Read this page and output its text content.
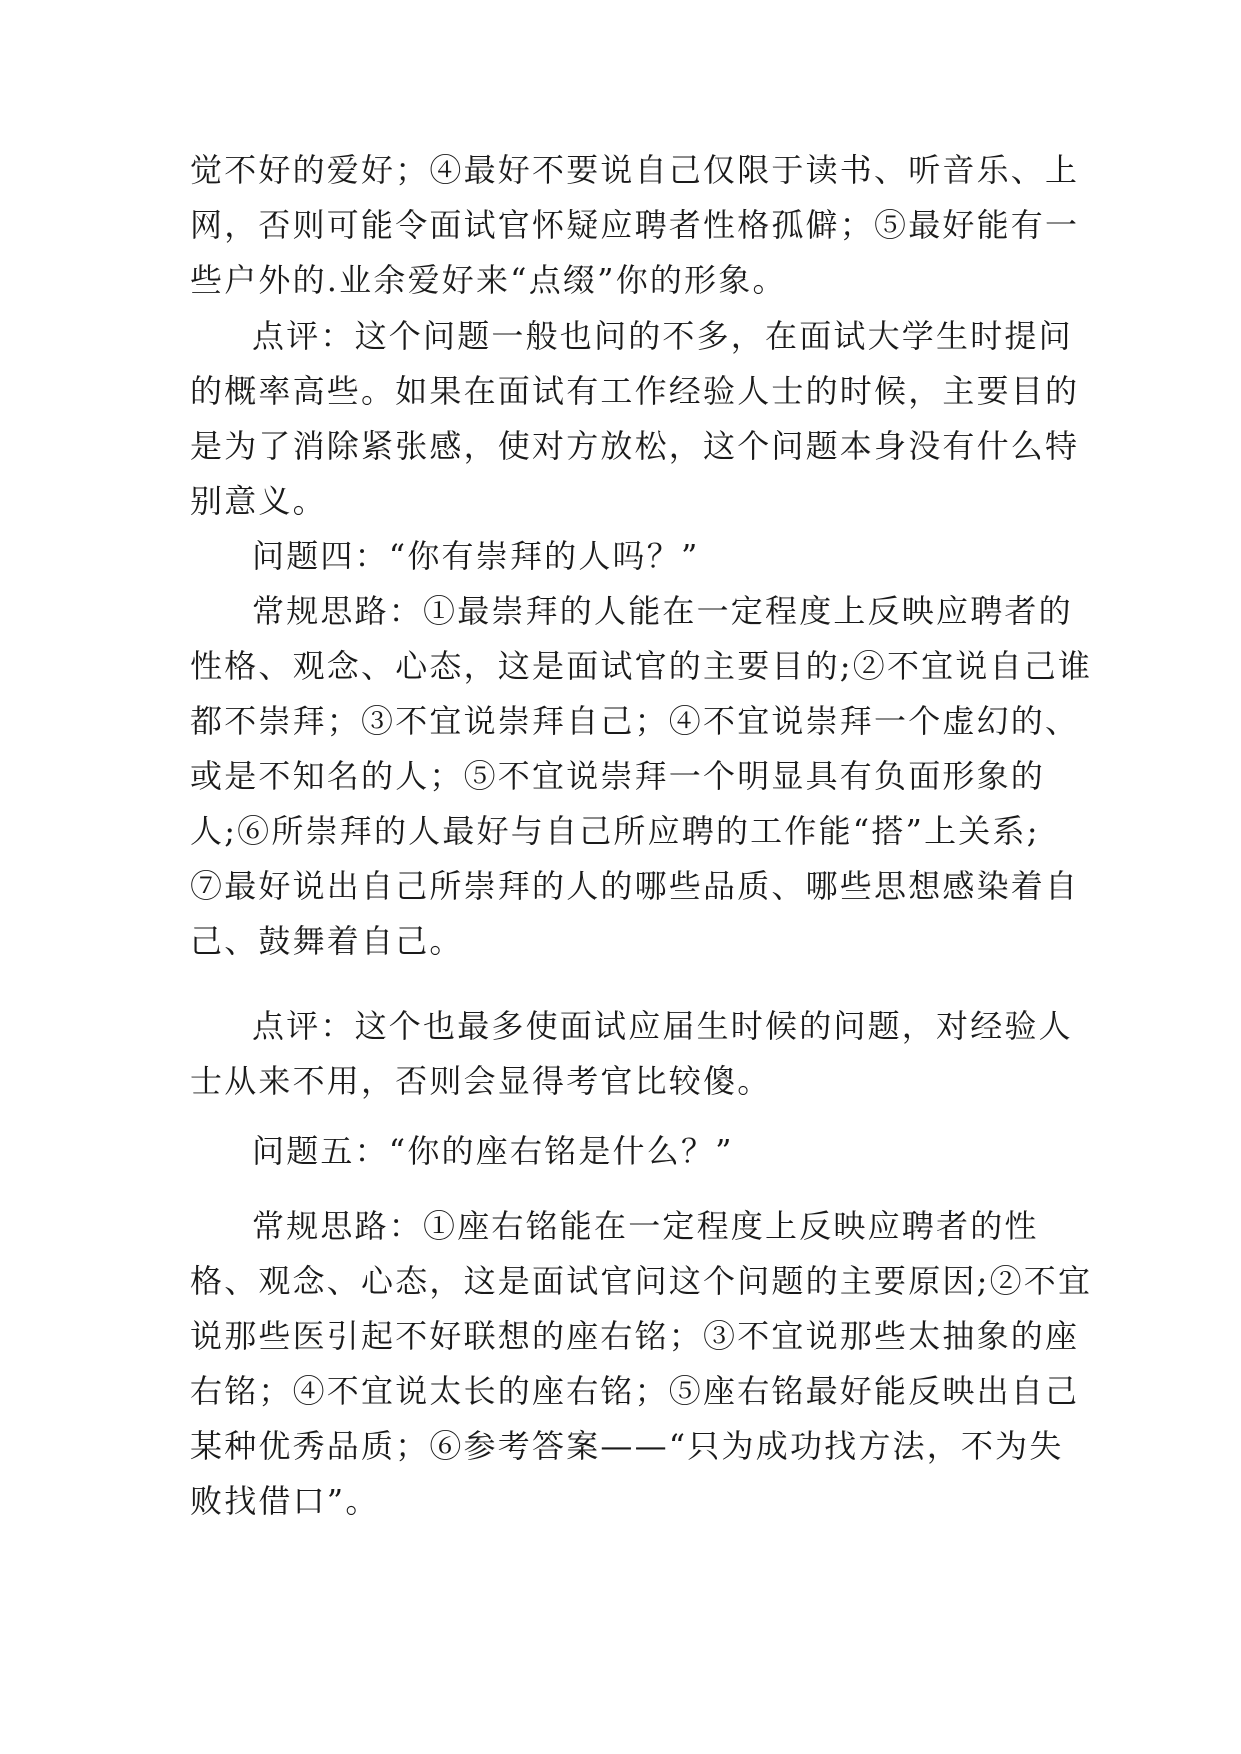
觉不好的爱好；④最好不要说自己仅限于读书、听音乐、上
网，否则可能令面试官怀疑应聘者性格孤僻；⑤最好能有一
些户外的.业余爱好来“点缀”你的形象。
点评：这个问题一般也问的不多，在面试大学生时提问
的概率高些。如果在面试有工作经验人士的时候，主要目的
是为了消除紧张感，使对方放松，这个问题本身没有什么特
别意义。
问题四：“你有崇拜的人吗？”
常规思路：①最崇拜的人能在一定程度上反映应聘者的
性格、观念、心态，这是面试官的主要目的;②不宜说自己谁
都不崇拜；③不宜说崇拜自己；④不宜说崇拜一个虚幻的、
或是不知名的人；⑤不宜说崇拜一个明显具有负面形象的
人;⑥所崇拜的人最好与自己所应聘的工作能“搭”上关系;
⑦最好说出自己所崇拜的人的哪些品质、哪些思想感染着自
己、鼓舞着自己。
点评：这个也最多使面试应届生时候的问题，对经验人
士从来不用，否则会显得考官比较傻。
问题五：“你的座右铭是什么？”
常规思路：①座右铭能在一定程度上反映应聘者的性
格、观念、心态，这是面试官问这个问题的主要原因;②不宜
说那些医引起不好联想的座右铭；③不宜说那些太抽象的座
右铭；④不宜说太长的座右铭；⑤座右铭最好能反映出自己
某种优秀品质；⑥参考答案——“只为成功找方法，不为失
败找借口”。
